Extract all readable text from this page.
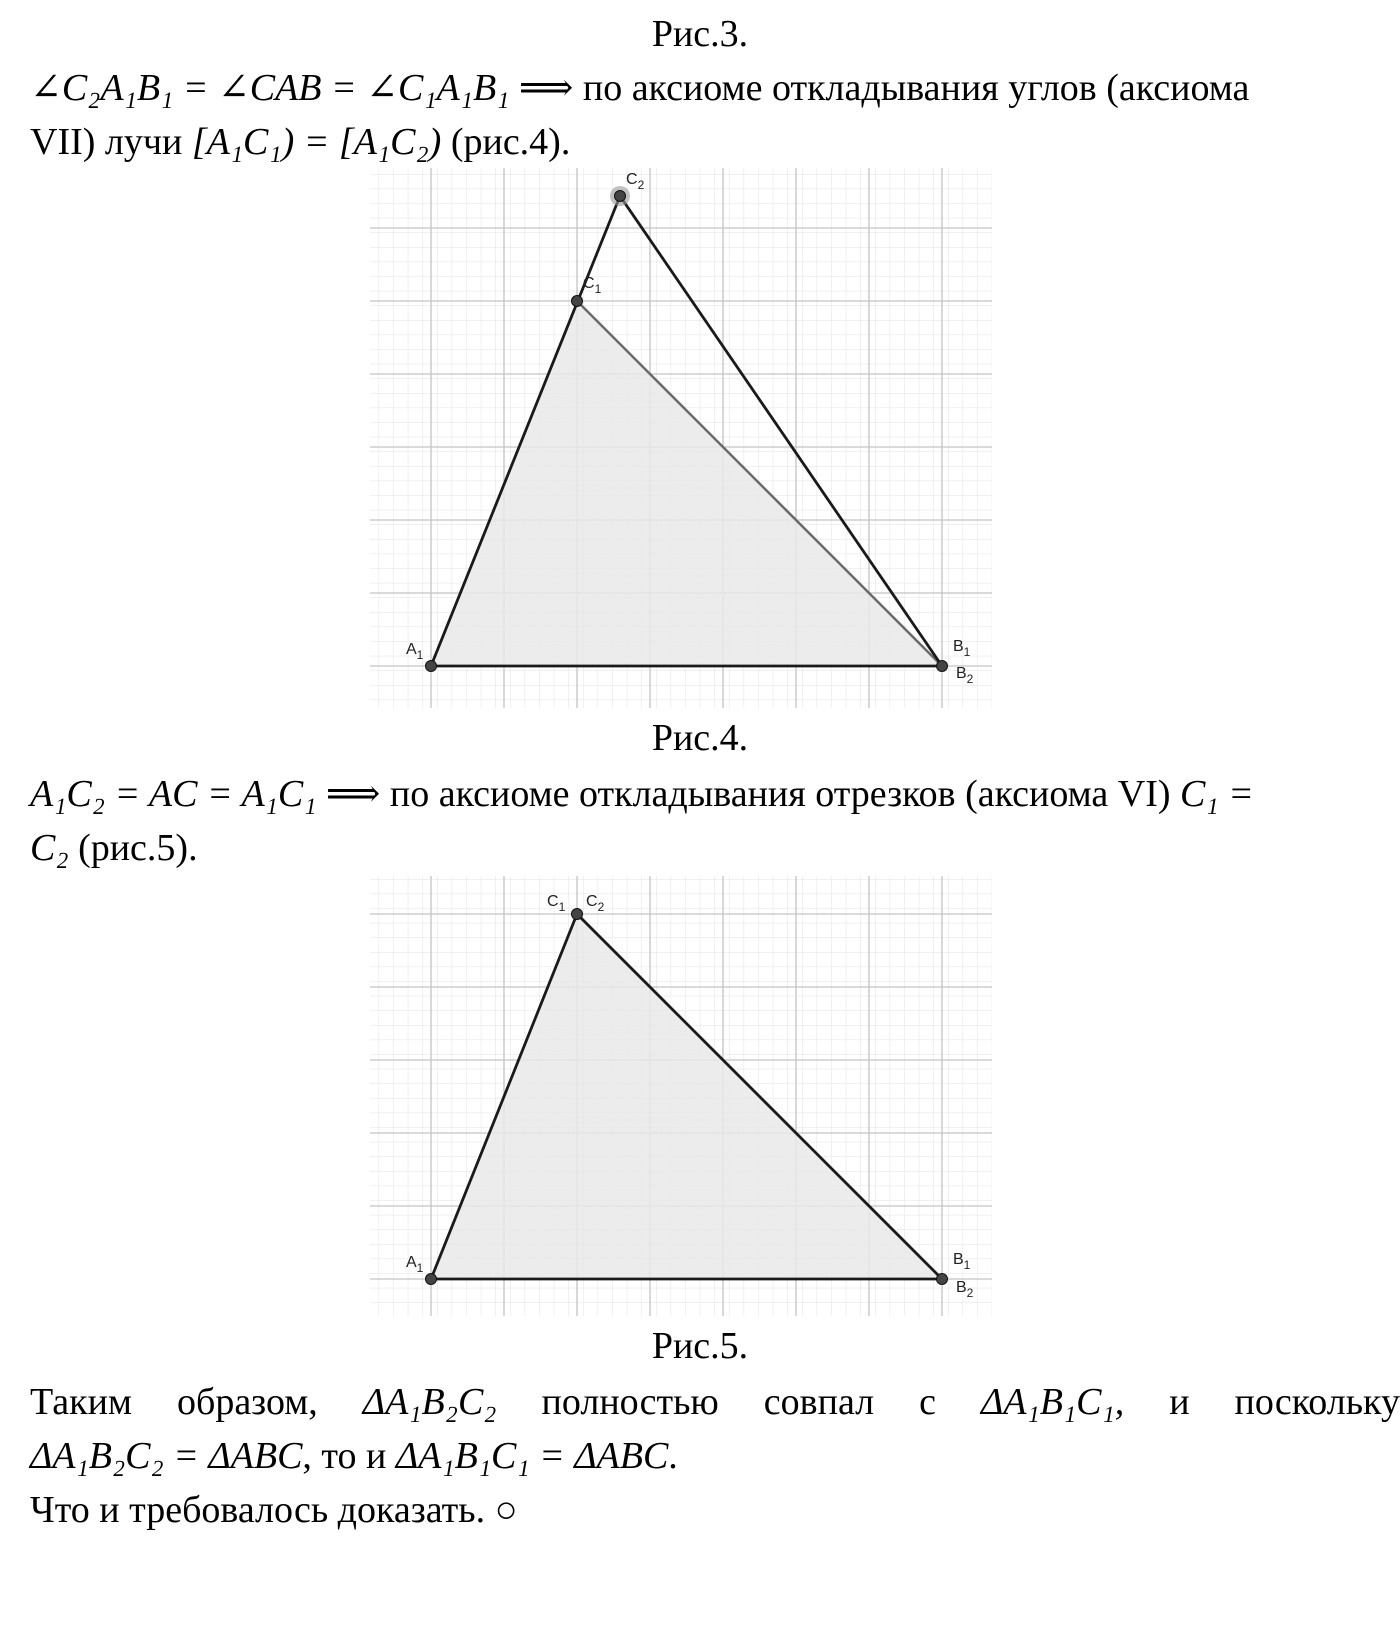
Рис.3.
∠C₂A₁B₁ = ∠CAB = ∠C₁A₁B₁ ⟹ по аксиоме откладывания углов (аксиома
VII) лучи [A₁C₁) = [A₁C₂) (рис.4).
$C_2$
$C_1$
$A_1$	$B_1$
$B_2$
Рис.4.
A₁C₂ = AC = A₁C₁ ⟹ по аксиоме откладывания отрезков (аксиома VI) C₁ =
C₂ (рис.5).
$C_1$ $C_2$
$A_1$	$B_1$
$B_2$
Рис.5.
Таким образом, ΔA₁B₂C₂ полностью совпал с ΔA₁B₁C₁, и поскольку
ΔA₁B₂C₂ = ΔABC, то и ΔA₁B₁C₁ = ΔABC.
Что и требовалось доказать. ○
